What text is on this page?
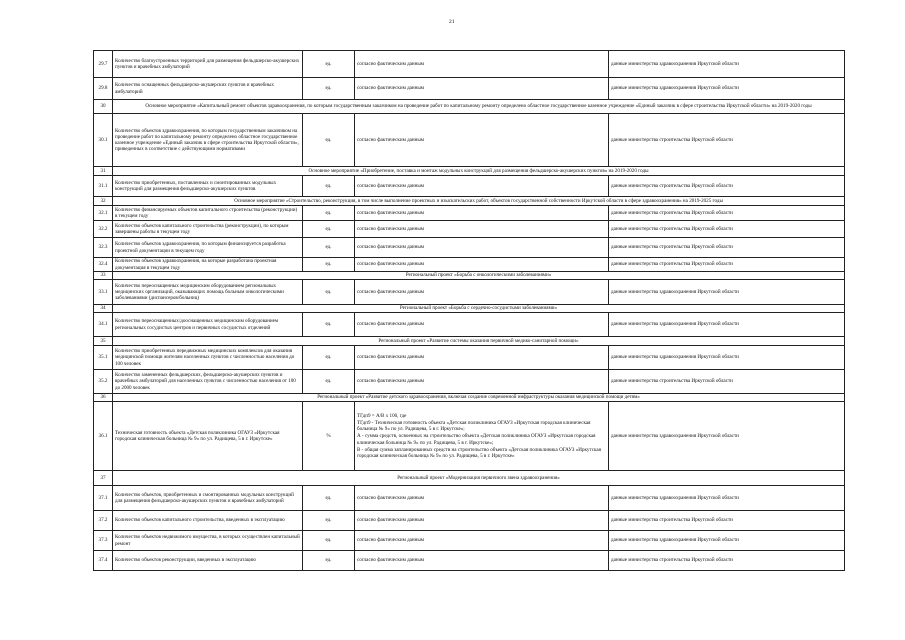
21
29.7	Количество благоустроенных территорий для размещения фельдшерско-акушерских пунктов и врачебных амбулаторий	ед.	согласно фактическим данным	данные министерства здравоохранения Иркутской области
29.8	Количество оснащенных фельдшерско-акушерских пунктов и врачебных амбулаторий	ед.	согласно фактическим данным	данные министерства здравоохранения Иркутской области
30	Основное мероприятие «Капитальный ремонт объектов здравоохранения, по которым государственным заказчиком на проведение работ по капитальному ремонту определено областное государственное казенное учреждение «Единый заказчик в сфере строительства Иркутской области» на 2019-2020 годы			
30.1	Количество объектов здравоохранения, по которым государственным заказчиком на проведение работ по капитальному ремонту определено областное государственное казенное учреждение «Единый заказчик в сфере строительства Иркутской области», приведенных в соответствие с действующими нормативами	ед.	согласно фактическим данным	данные министерства строительства Иркутской области
31	Основное мероприятие «Приобретение, поставка и монтаж модульных конструкций для размещения фельдшерско-акушерских пунктов» на 2019-2020 годы			
31.1	Количество приобретенных, поставленных и смонтированных модульных конструкций для размещения фельдшерско-акушерских пунктов	ед.	согласно фактическим данным	данные министерства строительства Иркутской области
32	Основное мероприятие «Строительство, реконструкция, в том числе выполнение проектных и изыскательских работ, объектов государственной собственности Иркутской области в сфере здравоохранения» на 2019-2025 годы			
32.1	Количество финансируемых объектов капитального строительства (реконструкции) в текущем году	ед.	согласно фактическим данным	данные министерства строительства Иркутской области
32.2	Количество объектов капитального строительства (реконструкции), по которым завершены работы в текущем году	ед.	согласно фактическим данным	данные министерства строительства Иркутской области
32.3	Количество объектов здравоохранения, по которым финансируется разработка проектной документации в текущем году	ед.	согласно фактическим данным	данные министерства строительства Иркутской области
32.4	Количество объектов здравоохранения, на которые разработана проектная документация в текущем году	ед.	согласно фактическим данным	данные министерства строительства Иркутской области
33	Региональный проект «Борьба с онкологическими заболеваниями»			
33.1	Количество переоснащенных медицинским оборудованием региональных медицинских организаций, оказывающих помощь больным онкологическими заболеваниями (диспансеров/больниц)	ед.	согласно фактическим данным	данные министерства здравоохранения Иркутской области
34	Региональный проект «Борьба с сердечно-сосудистыми заболеваниями»			
34.1	Количество переоснащенных/дооснащенных медицинским оборудованием региональных сосудистых центров и первичных сосудистых отделений	ед.	согласно фактическим данным	данные министерства здравоохранения Иркутской области
35	Региональный проект «Развитие системы оказания первичной медико-санитарной помощи»			
35.1	Количество приобретенных передвижных медицинских комплексов для оказания медицинской помощи жителям населенных пунктов с численностью населения до 100 человек	ед.	согласно фактическим данным	данные министерства здравоохранения Иркутской области
35.2	Количество замененных фельдшерских, фельдшерско-акушерских пунктов и врачебных амбулаторий для населенных пунктов с численностью населения от 100 до 2000 человек	ед.	согласно фактическим данным	данные министерства строительства Иркутской области
36	Региональный проект «Развитие детского здравоохранения, включая создание современной инфраструктуры оказания медицинской помощи детям»			
36.1	Техническая готовность объекта «Детская поликлиника ОГАУЗ «Иркутская городская клиническая больница № 9» по ул. Радищева, 5 в г. Иркутске»	%	ТГдп9 = А/В х 100, где
ТГдп9 - Техническая готовность объекта «Детская поликлиника ОГАУЗ «Иркутская городская клиническая больница № 9» по ул. Радищева, 5 в г. Иркутске»;
А - сумма средств, освоенных на строительство объекта «Детская поликлиника ОГАУЗ «Иркутская городская клиническая больница № 9» по ул. Радищева, 5 в г. Иркутске»;
В - общая сумма запланированных средств на строительство объекта «Детская поликлиника ОГАУЗ «Иркутская городская клиническая больница № 9» по ул. Радищева, 5 в г. Иркутске»	данные министерства здравоохранения Иркутской области
37	Региональный проект «Модернизация первичного звена здравоохранения»			
37.1	Количество объектов, приобретенных и смонтированных модульных конструкций для размещения фельдшерско-акушерских пунктов и врачебных амбулаторий	ед.	согласно фактическим данным	данные министерства здравоохранения Иркутской области
37.2	Количество объектов капитального строительства, введенных в эксплуатацию	ед.	согласно фактическим данным	данные министерства строительства Иркутской области
37.3	Количество объектов недвижимого имущества, в которых осуществлен капитальный ремонт	ед.	согласно фактическим данным	данные министерства здравоохранения Иркутской области
37.4	Количество объектов реконструкции, введенных в эксплуатацию	ед.	согласно фактическим данным	данные министерства строительства Иркутской области
